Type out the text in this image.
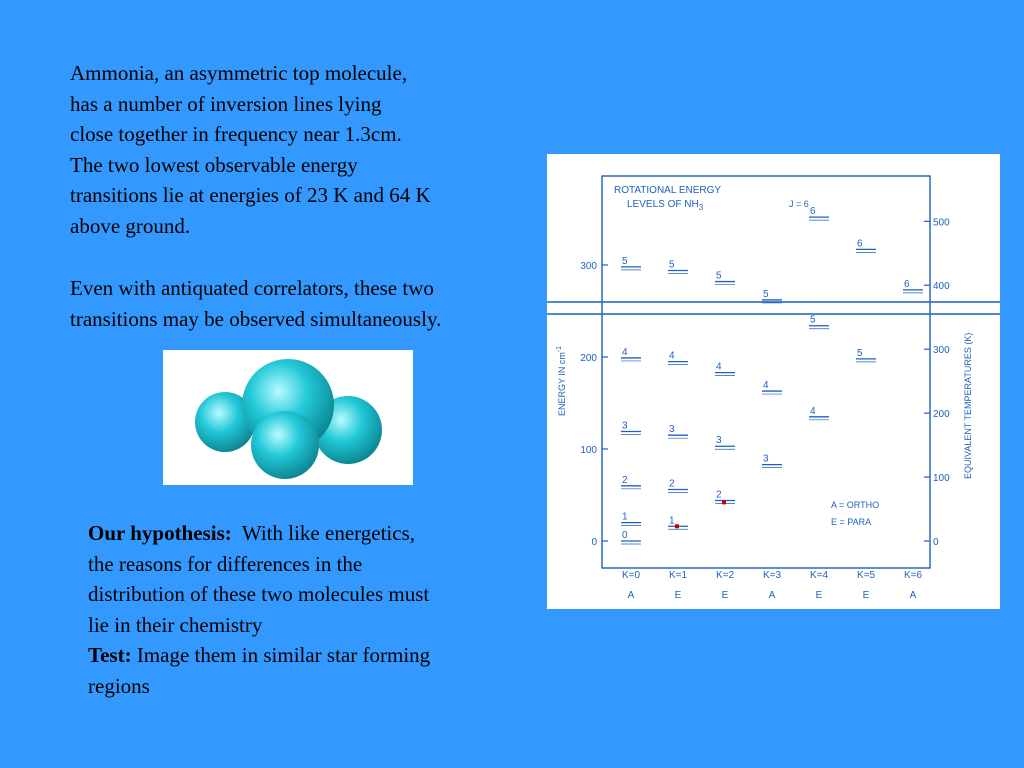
Ammonia, an asymmetric top molecule,
has a number of inversion lines lying
close together in frequency near 1.3cm.
The two lowest observable energy
transitions lie at energies of 23 K and 64 K
above ground.

Even with antiquated correlators, these two
transitions may be observed simultaneously.

Our hypothesis: With like energetics,
the reasons for differences in the
distribution of these two molecules must
lie in their chemistry
Test: Image them in similar star forming
regions
ROTATIONAL ENERGY
LEVELS OF $NH_3$	J = 6
ENERGY IN $cm^{-1}$	EQUIVALENT TEMPERATURES (K)
A = ORTHO
E = PARA
0
100
200
300
0
100
200
300
400
500
0
1
2
3
4
5
1
2
3
4
5
2
3
4
5
3
4
5
4
5
6
5
6
6
K=0	K=1	K=2	K=3	K=4	K=5	K=6
A	E	E	A	E	E	A
